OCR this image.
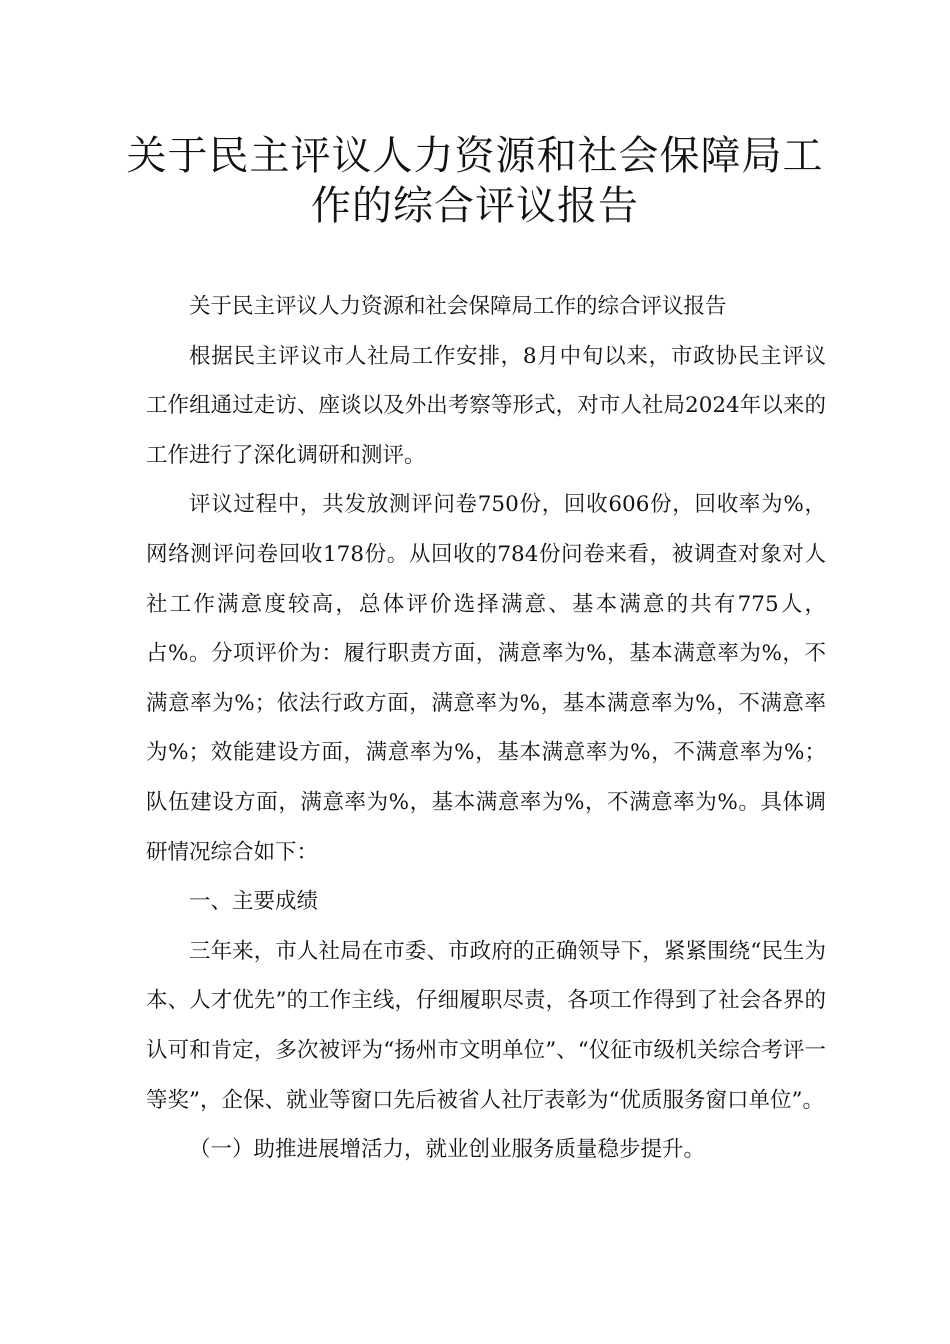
关于民主评议人力资源和社会保障局工
作的综合评议报告

关于民主评议人力资源和社会保障局工作的综合评议报告

根据民主评议市人社局工作安排，8月中旬以来，市政协民主评议工作组通过走访、座谈以及外出考察等形式，对市人社局2024年以来的工作进行了深化调研和测评。

评议过程中，共发放测评问卷750份，回收606份，回收率为%，网络测评问卷回收178份。从回收的784份问卷来看，被调查对象对人社工作满意度较高，总体评价选择满意、基本满意的共有775人，占%。分项评价为：履行职责方面，满意率为%，基本满意率为%，不满意率为%；依法行政方面，满意率为%，基本满意率为%，不满意率为%；效能建设方面，满意率为%，基本满意率为%，不满意率为%；队伍建设方面，满意率为%，基本满意率为%，不满意率为%。具体调研情况综合如下：

一、主要成绩

三年来，市人社局在市委、市政府的正确领导下，紧紧围绕“民生为本、人才优先”的工作主线，仔细履职尽责，各项工作得到了社会各界的认可和肯定，多次被评为“扬州市文明单位”、“仪征市级机关综合考评一等奖”，企保、就业等窗口先后被省人社厅表彰为“优质服务窗口单位”。

（一）助推进展增活力，就业创业服务质量稳步提升。
